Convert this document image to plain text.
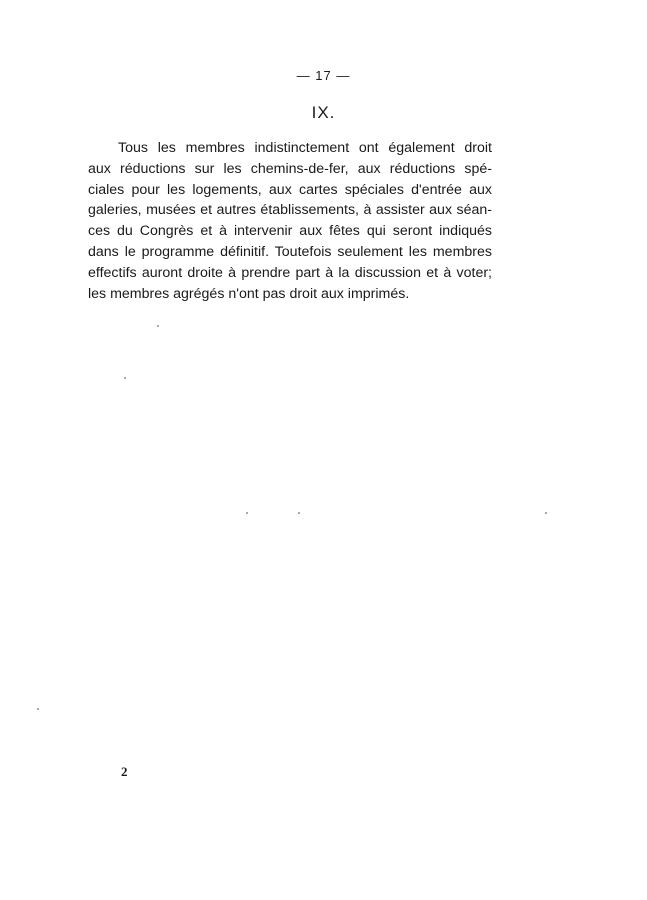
— 17 —
IX.
Tous les membres indistinctement ont également droit
aux réductions sur les chemins-de-fer, aux réductions spé-
ciales pour les logements, aux cartes spéciales d'entrée aux
galeries, musées et autres établissements, à assister aux séan-
ces du Congrès et à intervenir aux fêtes qui seront indiqués
dans le programme définitif. Toutefois seulement les membres
effectifs auront droite à prendre part à la discussion et à voter;
les membres agrégés n'ont pas droit aux imprimés.
2
